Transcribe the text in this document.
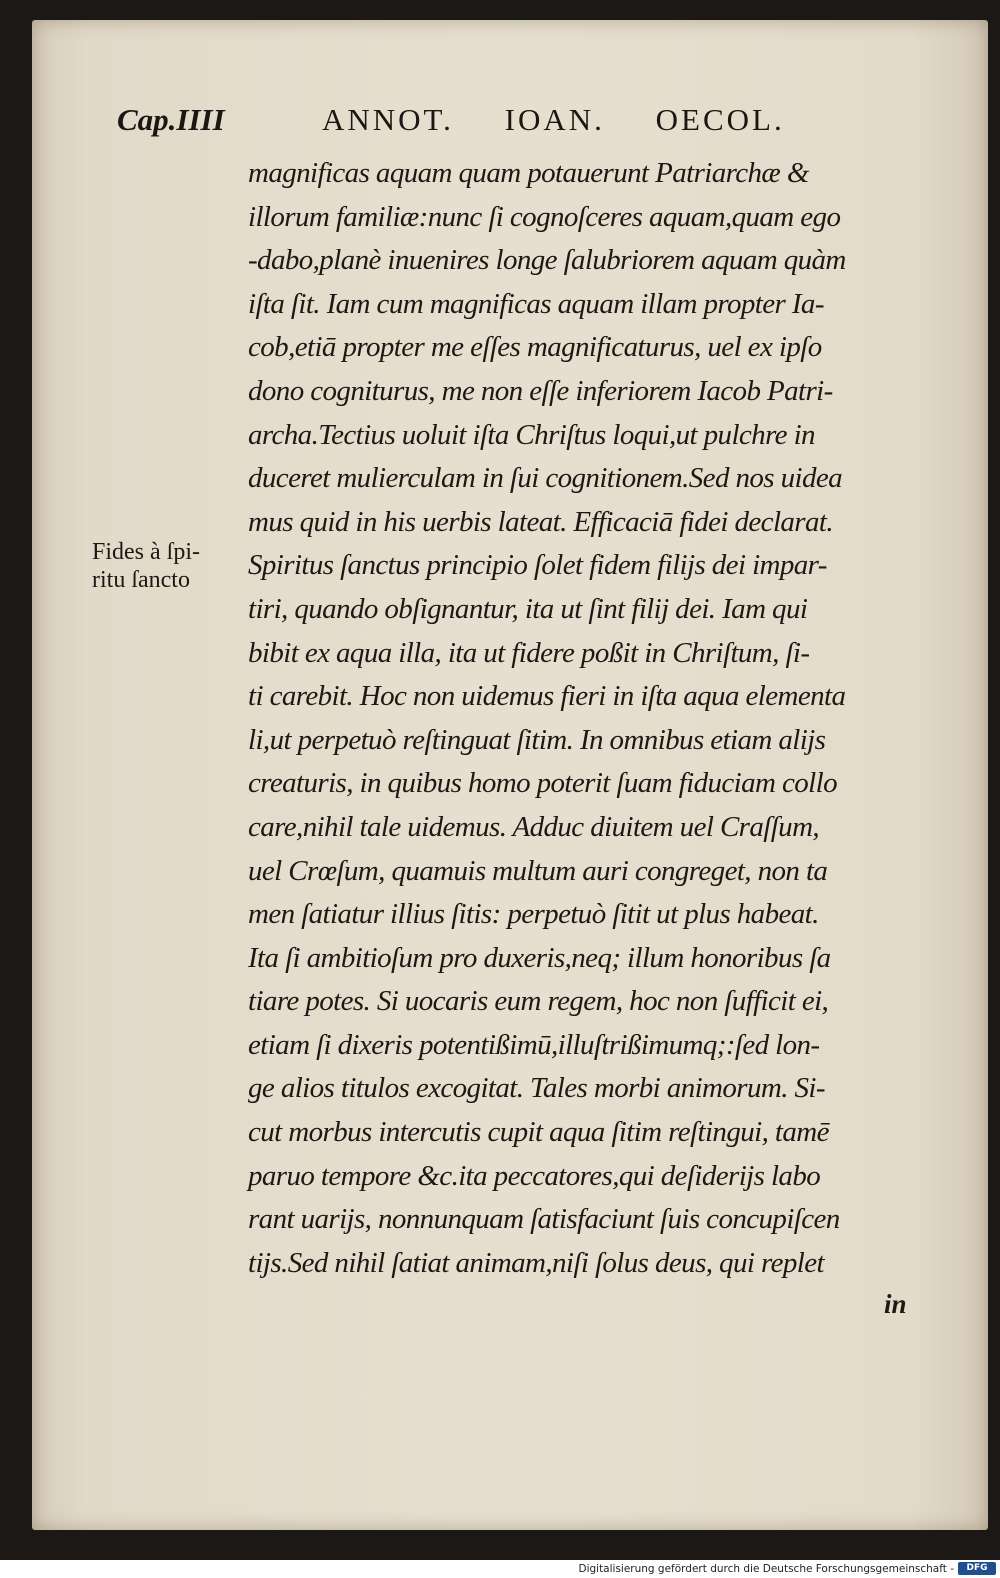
Cap.IIII	ANNOT. IOAN. OECOL.
Fides à ſpi-
ritu ſancto
magnificas aquam quam potauerunt Patriarchæ &
illorum familiæ:nunc ſi cognoſceres aquam,quam ego
-dabo,planè inuenires longe ſalubriorem aquam quàm
iſta ſit. Iam cum magnificas aquam illam propter Ia-
cob,etiā propter me eſſes magnificaturus, uel ex ipſo
dono cogniturus, me non eſſe inferiorem Iacob Patri-
archa.Tectius uoluit iſta Chriſtus loqui,ut pulchre in
duceret mulierculam in ſui cognitionem.Sed nos uidea
mus quid in his uerbis lateat. Efficaciā fidei declarat.
Spiritus ſanctus principio ſolet fidem filijs dei impar-
tiri, quando obſignantur, ita ut ſint filij dei. Iam qui
bibit ex aqua illa, ita ut fidere poßit in Chriſtum, ſi-
ti carebit. Hoc non uidemus fieri in iſta aqua elementa
li,ut perpetuò reſtinguat ſitim. In omnibus etiam alijs
creaturis, in quibus homo poterit ſuam fiduciam collo
care,nihil tale uidemus. Adduc diuitem uel Craſſum,
uel Crœſum, quamuis multum auri congreget, non ta
men ſatiatur illius ſitis: perpetuò ſitit ut plus habeat.
Ita ſi ambitioſum pro duxeris,neq; illum honoribus ſa
tiare potes. Si uocaris eum regem, hoc non ſufficit ei,
etiam ſi dixeris potentißimū,illuſtrißimumq;:ſed lon-
ge alios titulos excogitat. Tales morbi animorum. Si-
cut morbus intercutis cupit aqua ſitim reſtingui, tamē
paruo tempore &c.ita peccatores,qui deſiderijs labo
rant uarijs, nonnunquam ſatisfaciunt ſuis concupiſcen
tijs.Sed nihil ſatiat animam,niſi ſolus deus, qui replet
in
Digitalisierung gefördert durch die Deutsche Forschungsgemeinschaft -	DFG
